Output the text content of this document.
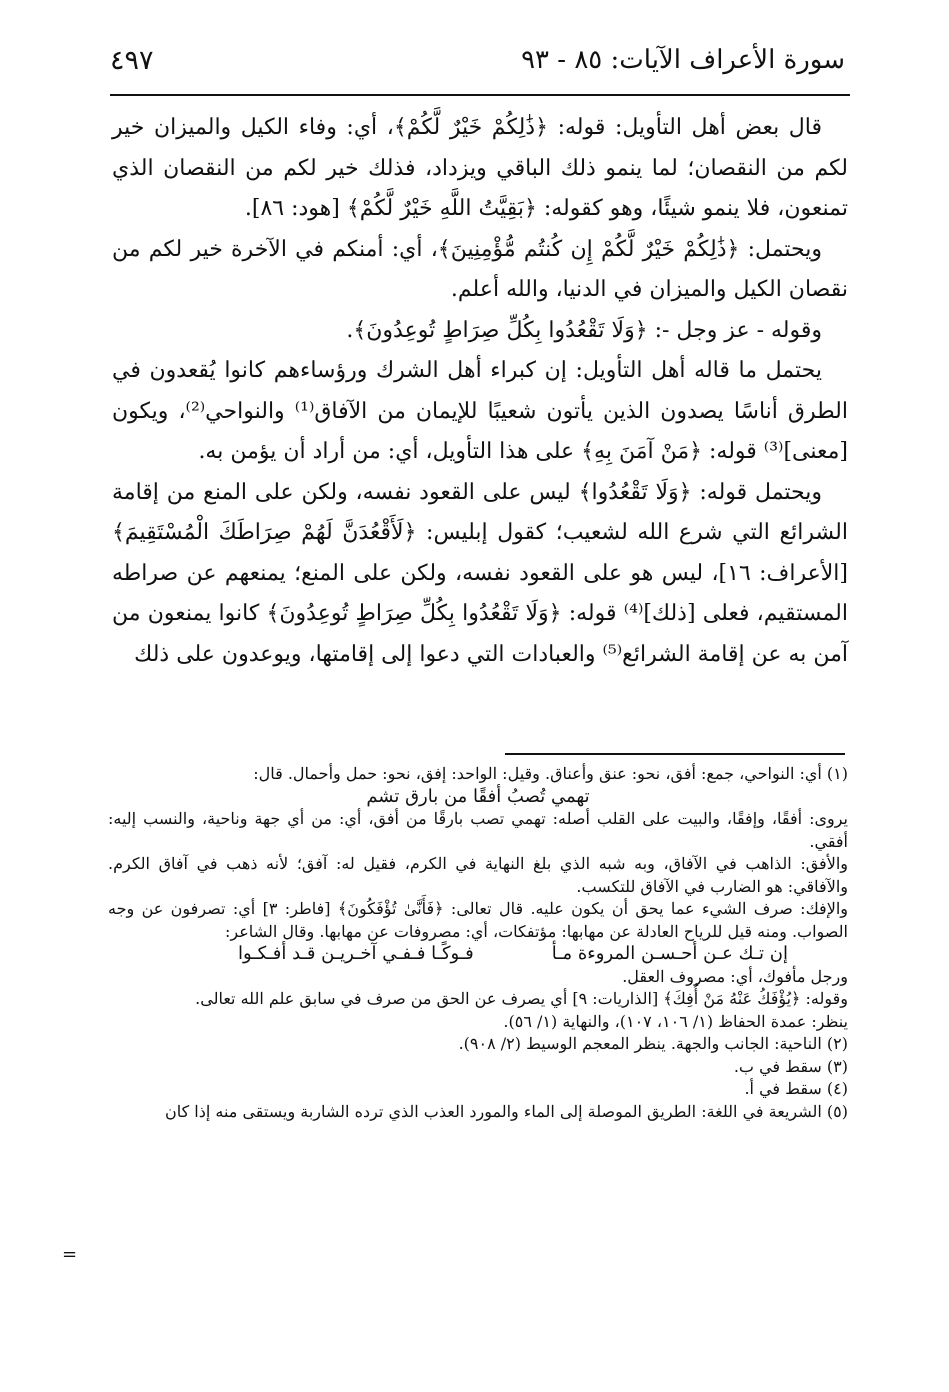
٤٩٧	سورة الأعراف الآيات: ٨٥ - ٩٣

قال بعض أهل التأويل: قوله: ﴿ذَٰلِكُمْ خَيْرٌ لَّكُمْ﴾، أي: وفاء الكيل والميزان خير لكم من النقصان؛ لما ينمو ذلك الباقي ويزداد، فذلك خير لكم من النقصان الذي تمنعون، فلا ينمو شيئًا، وهو كقوله: ﴿بَقِيَّتُ اللَّهِ خَيْرٌ لَّكُمْ﴾ [هود: ٨٦].

ويحتمل: ﴿ذَٰلِكُمْ خَيْرٌ لَّكُمْ إِن كُنتُم مُّؤْمِنِينَ﴾، أي: أمنكم في الآخرة خير لكم من نقصان الكيل والميزان في الدنيا، والله أعلم.

وقوله - عز وجل -: ﴿وَلَا تَقْعُدُوا بِكُلِّ صِرَاطٍ تُوعِدُونَ﴾.

يحتمل ما قاله أهل التأويل: إن كبراء أهل الشرك ورؤساءهم كانوا يُقعدون في الطرق أناسًا يصدون الذين يأتون شعيبًا للإيمان من الآفاق⁽¹⁾ والنواحي⁽²⁾، ويكون [معنى]⁽³⁾ قوله: ﴿مَنْ آمَنَ بِهِ﴾ على هذا التأويل، أي: من أراد أن يؤمن به.

ويحتمل قوله: ﴿وَلَا تَقْعُدُوا﴾ ليس على القعود نفسه، ولكن على المنع من إقامة الشرائع التي شرع الله لشعيب؛ كقول إبليس: ﴿لَأَقْعُدَنَّ لَهُمْ صِرَاطَكَ الْمُسْتَقِيمَ﴾ [الأعراف: ١٦]، ليس هو على القعود نفسه، ولكن على المنع؛ يمنعهم عن صراطه المستقيم، فعلى [ذلك]⁽⁴⁾ قوله: ﴿وَلَا تَقْعُدُوا بِكُلِّ صِرَاطٍ تُوعِدُونَ﴾ كانوا يمنعون من آمن به عن إقامة الشرائع⁽⁵⁾ والعبادات التي دعوا إلى إقامتها، ويوعدون على ذلك

(١) أي: النواحي، جمع: أفق، نحو: عنق وأعناق. وقيل: الواحد: إفق، نحو: حمل وأحمال. قال:

تهمي تُصبُ أفقًا من بارق تشم

يروى: أفقًا، وإفقًا، والبيت على القلب أصله: تهمي تصب بارقًا من أفق، أي: من أي جهة وناحية، والنسب إليه: أفقي.

والأفق: الذاهب في الآفاق، وبه شبه الذي بلغ النهاية في الكرم، فقيل له: آفق؛ لأنه ذهب في آفاق الكرم. والآفاقي: هو الضارب في الآفاق للتكسب.

والإفك: صرف الشيء عما يحق أن يكون عليه. قال تعالى: ﴿فَأَنَّىٰ تُؤْفَكُونَ﴾ [فاطر: ٣] أي: تصرفون عن وجه الصواب. ومنه قيل للرياح العادلة عن مهابها: مؤتفكات، أي: مصروفات عن مهابها. وقال الشاعر:

إن تـك عـن أحـسـن المروءة مـأ
فـوكًـا فـفـي آخـريـن قـد أفـكـوا

ورجل مأفوك، أي: مصروف العقل.

وقوله: ﴿يُؤْفَكُ عَنْهُ مَنْ أُفِكَ﴾ [الذاريات: ٩] أي يصرف عن الحق من صرف في سابق علم الله تعالى.

ينظر: عمدة الحفاظ (١/ ١٠٦، ١٠٧)، والنهاية (١/ ٥٦).

(٢) الناحية: الجانب والجهة. ينظر المعجم الوسيط (٢/ ٩٠٨).

(٣) سقط في ب.

(٤) سقط في أ.

(٥) الشريعة في اللغة: الطريق الموصلة إلى الماء والمورد العذب الذي ترده الشاربة ويستقى منه إذا كان

=
